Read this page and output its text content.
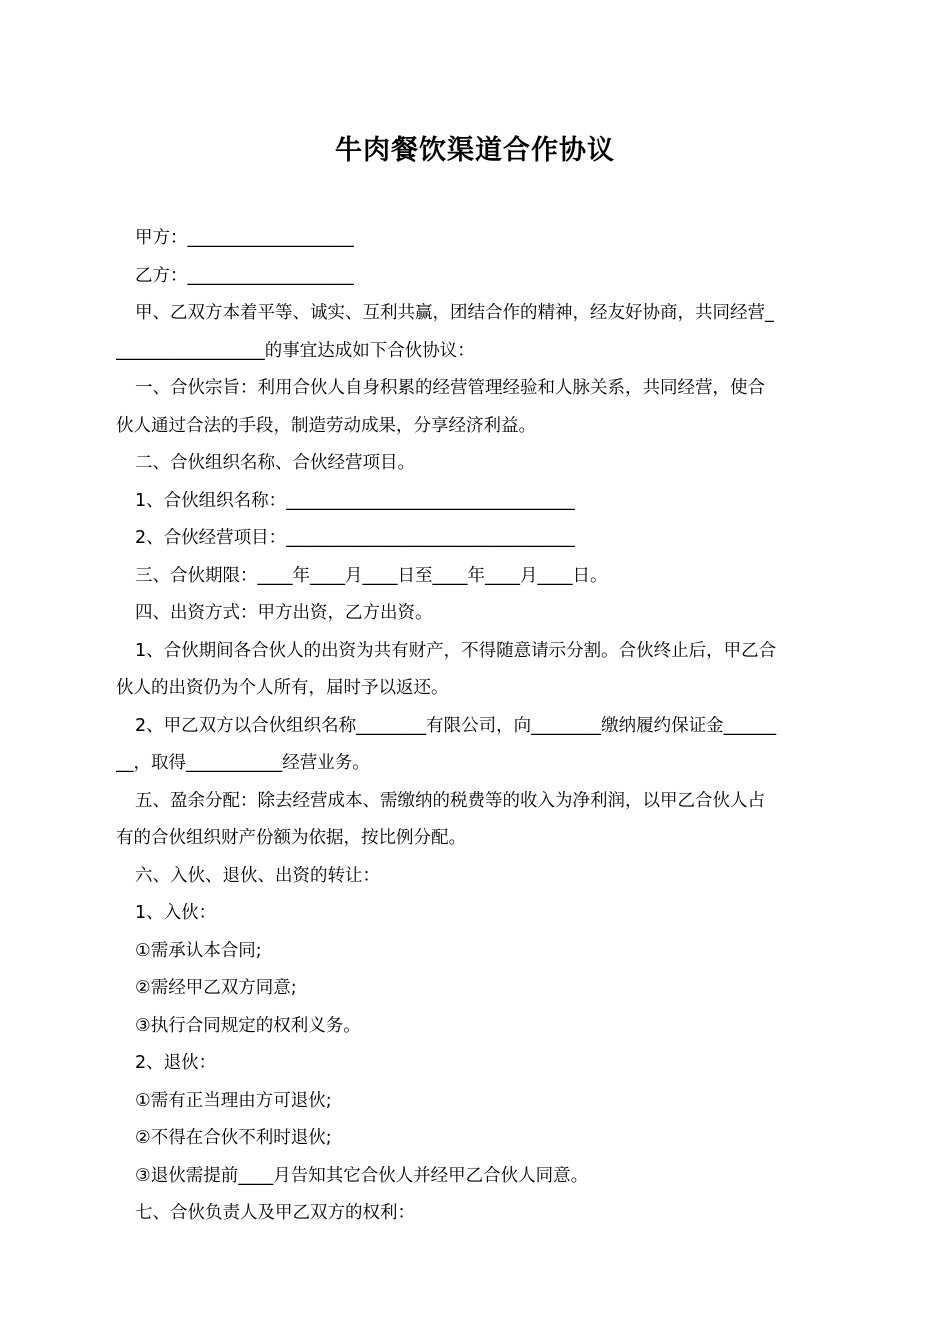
牛肉餐饮渠道合作协议
甲方：___________________
乙方：___________________
甲、乙双方本着平等、诚实、互利共赢，团结合作的精神，经友好协商，共同经营_
_________________的事宜达成如下合伙协议：
一、合伙宗旨：利用合伙人自身积累的经营管理经验和人脉关系，共同经营，使合
伙人通过合法的手段，制造劳动成果，分享经济利益。
二、合伙组织名称、合伙经营项目。
1、合伙组织名称：_________________________________
2、合伙经营项目：_________________________________
三、合伙期限：____年____月____日至____年____月____日。
四、出资方式：甲方出资，乙方出资。
1、合伙期间各合伙人的出资为共有财产，不得随意请示分割。合伙终止后，甲乙合
伙人的出资仍为个人所有，届时予以返还。
2、甲乙双方以合伙组织名称________有限公司，向________缴纳履约保证金______
__，取得___________经营业务。
五、盈余分配：除去经营成本、需缴纳的税费等的收入为净利润，以甲乙合伙人占
有的合伙组织财产份额为依据，按比例分配。
六、入伙、退伙、出资的转让：
1、入伙：
①需承认本合同;
②需经甲乙双方同意;
③执行合同规定的权利义务。
2、退伙：
①需有正当理由方可退伙;
②不得在合伙不利时退伙;
③退伙需提前____月告知其它合伙人并经甲乙合伙人同意。
七、合伙负责人及甲乙双方的权利：
